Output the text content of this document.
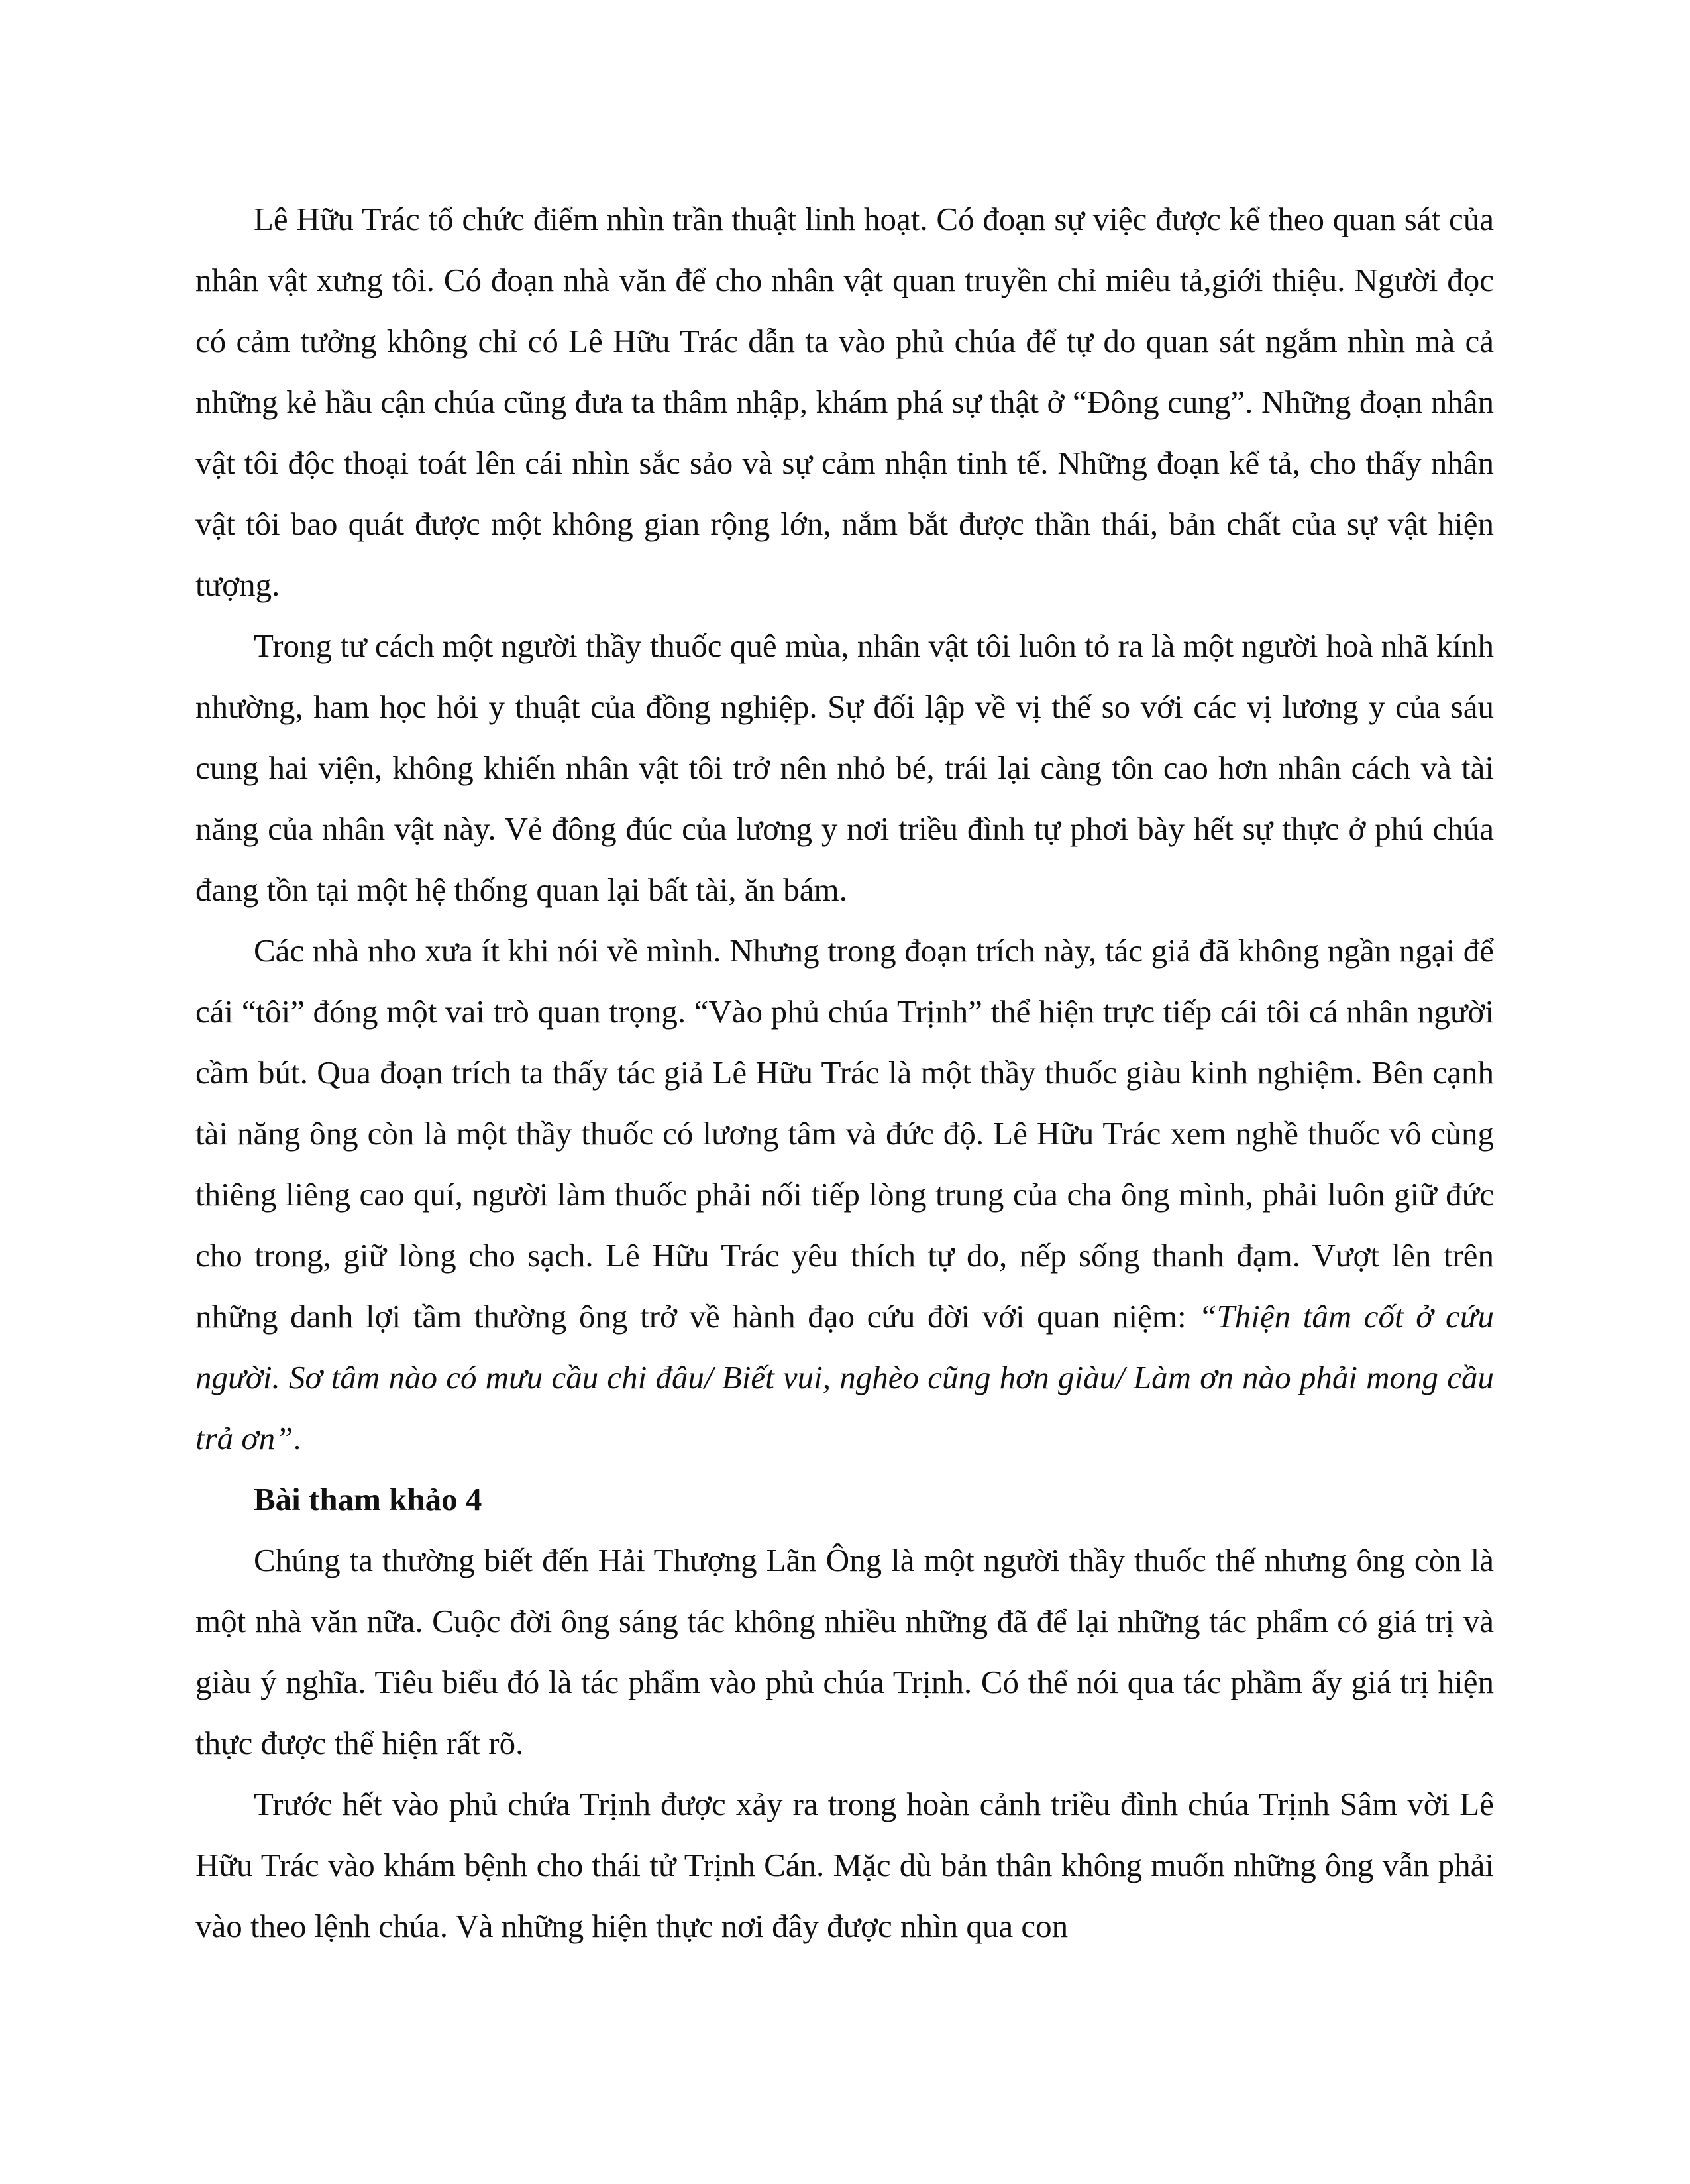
Lê Hữu Trác tổ chức điểm nhìn trần thuật linh hoạt. Có đoạn sự việc được kể theo quan sát của nhân vật xưng tôi. Có đoạn nhà văn để cho nhân vật quan truyền chỉ miêu tả,giới thiệu. Người đọc có cảm tưởng không chỉ có Lê Hữu Trác dẫn ta vào phủ chúa để tự do quan sát ngắm nhìn mà cả những kẻ hầu cận chúa cũng đưa ta thâm nhập, khám phá sự thật ở “Đông cung”. Những đoạn nhân vật tôi độc thoại toát lên cái nhìn sắc sảo và sự cảm nhận tinh tế. Những đoạn kể tả, cho thấy nhân vật tôi bao quát được một không gian rộng lớn, nắm bắt được thần thái, bản chất của sự vật hiện tượng.

Trong tư cách một người thầy thuốc quê mùa, nhân vật tôi luôn tỏ ra là một người hoà nhã kính nhường, ham học hỏi y thuật của đồng nghiệp. Sự đối lập về vị thế so với các vị lương y của sáu cung hai viện, không khiến nhân vật tôi trở nên nhỏ bé, trái lại càng tôn cao hơn nhân cách và tài năng của nhân vật này. Vẻ đông đúc của lương y nơi triều đình tự phơi bày hết sự thực ở phú chúa đang tồn tại một hệ thống quan lại bất tài, ăn bám.

Các nhà nho xưa ít khi nói về mình. Nhưng trong đoạn trích này, tác giả đã không ngần ngại để cái “tôi” đóng một vai trò quan trọng. “Vào phủ chúa Trịnh” thể hiện trực tiếp cái tôi cá nhân người cầm bút. Qua đoạn trích ta thấy tác giả Lê Hữu Trác là một thầy thuốc giàu kinh nghiệm. Bên cạnh tài năng ông còn là một thầy thuốc có lương tâm và đức độ. Lê Hữu Trác xem nghề thuốc vô cùng thiêng liêng cao quí, người làm thuốc phải nối tiếp lòng trung của cha ông mình, phải luôn giữ đức cho trong, giữ lòng cho sạch. Lê Hữu Trác yêu thích tự do, nếp sống thanh đạm. Vượt lên trên những danh lợi tầm thường ông trở về hành đạo cứu đời với quan niệm: “Thiện tâm cốt ở cứu người. Sơ tâm nào có mưu cầu chi đâu/ Biết vui, nghèo cũng hơn giàu/ Làm ơn nào phải mong cầu trả ơn”.

Bài tham khảo 4

Chúng ta thường biết đến Hải Thượng Lãn Ông là một người thầy thuốc thế nhưng ông còn là một nhà văn nữa. Cuộc đời ông sáng tác không nhiều những đã để lại những tác phẩm có giá trị và giàu ý nghĩa. Tiêu biểu đó là tác phẩm vào phủ chúa Trịnh. Có thể nói qua tác phầm ấy giá trị hiện thực được thể hiện rất rõ.

Trước hết vào phủ chứa Trịnh được xảy ra trong hoàn cảnh triều đình chúa Trịnh Sâm vời Lê Hữu Trác vào khám bệnh cho thái tử Trịnh Cán. Mặc dù bản thân không muốn những ông vẫn phải vào theo lệnh chúa. Và những hiện thực nơi đây được nhìn qua con
